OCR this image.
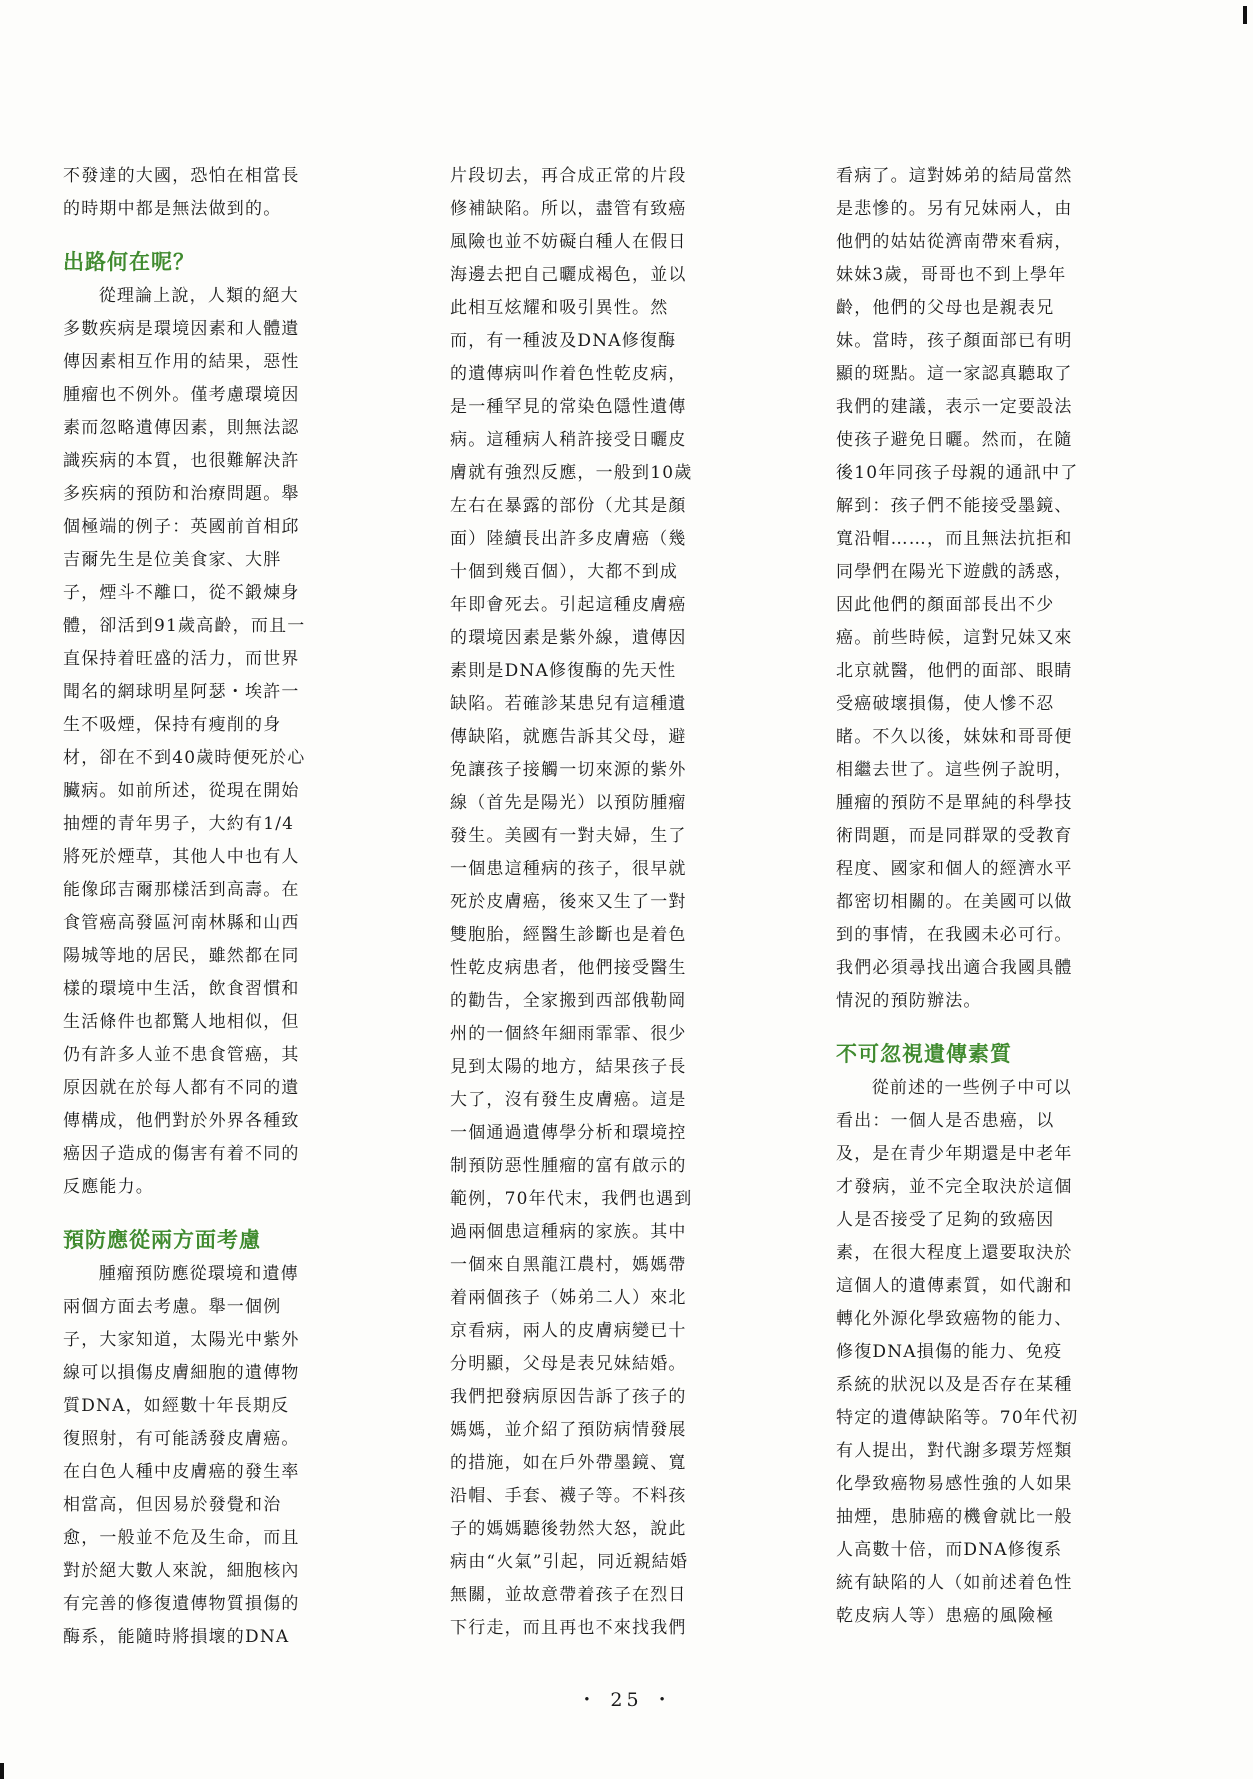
不發達的大國，恐怕在相當長

的時期中都是無法做到的。

出路何在呢？

從理論上說，人類的絕大

多數疾病是環境因素和人體遺

傳因素相互作用的結果，惡性

腫瘤也不例外。僅考慮環境因

素而忽略遺傳因素，則無法認

識疾病的本質，也很難解決許

多疾病的預防和治療問題。舉

個極端的例子：英國前首相邱

吉爾先生是位美食家、大胖

子，煙斗不離口，從不鍛煉身

體，卻活到91歲高齡，而且一

直保持着旺盛的活力，而世界

聞名的網球明星阿瑟・埃許一

生不吸煙，保持有瘦削的身

材，卻在不到40歲時便死於心

臟病。如前所述，從現在開始

抽煙的青年男子，大約有1/4

將死於煙草，其他人中也有人

能像邱吉爾那樣活到高壽。在

食管癌高發區河南林縣和山西

陽城等地的居民，雖然都在同

樣的環境中生活，飲食習慣和

生活條件也都驚人地相似，但

仍有許多人並不患食管癌，其

原因就在於每人都有不同的遺

傳構成，他們對於外界各種致

癌因子造成的傷害有着不同的

反應能力。

預防應從兩方面考慮

腫瘤預防應從環境和遺傳

兩個方面去考慮。舉一個例

子，大家知道，太陽光中紫外

線可以損傷皮膚細胞的遺傳物

質DNA，如經數十年長期反

復照射，有可能誘發皮膚癌。

在白色人種中皮膚癌的發生率

相當高，但因易於發覺和治

愈，一般並不危及生命，而且

對於絕大數人來說，細胞核內

有完善的修復遺傳物質損傷的

酶系，能隨時將損壞的DNA

片段切去，再合成正常的片段

修補缺陷。所以，盡管有致癌

風險也並不妨礙白種人在假日

海邊去把自己曬成褐色，並以

此相互炫耀和吸引異性。然

而，有一種波及DNA修復酶

的遺傳病叫作着色性乾皮病，

是一種罕見的常染色隱性遺傳

病。這種病人稍許接受日曬皮

膚就有強烈反應，一般到10歲

左右在暴露的部份（尤其是顏

面）陸續長出許多皮膚癌（幾

十個到幾百個），大都不到成

年即會死去。引起這種皮膚癌

的環境因素是紫外線，遺傳因

素則是DNA修復酶的先天性

缺陷。若確診某患兒有這種遺

傳缺陷，就應告訴其父母，避

免讓孩子接觸一切來源的紫外

線（首先是陽光）以預防腫瘤

發生。美國有一對夫婦，生了

一個患這種病的孩子，很早就

死於皮膚癌，後來又生了一對

雙胞胎，經醫生診斷也是着色

性乾皮病患者，他們接受醫生

的勸告，全家搬到西部俄勒岡

州的一個終年細雨霏霏、很少

見到太陽的地方，結果孩子長

大了，沒有發生皮膚癌。這是

一個通過遺傳學分析和環境控

制預防惡性腫瘤的富有啟示的

範例，70年代末，我們也遇到

過兩個患這種病的家族。其中

一個來自黑龍江農村，媽媽帶

着兩個孩子（姊弟二人）來北

京看病，兩人的皮膚病變已十

分明顯，父母是表兄妹結婚。

我們把發病原因告訴了孩子的

媽媽，並介紹了預防病情發展

的措施，如在戶外帶墨鏡、寬

沿帽、手套、襪子等。不料孩

子的媽媽聽後勃然大怒，說此

病由“火氣”引起，同近親結婚

無關，並故意帶着孩子在烈日

下行走，而且再也不來找我們

看病了。這對姊弟的結局當然

是悲慘的。另有兄妹兩人，由

他們的姑姑從濟南帶來看病，

妹妹3歲，哥哥也不到上學年

齡，他們的父母也是親表兄

妹。當時，孩子顏面部已有明

顯的斑點。這一家認真聽取了

我們的建議，表示一定要設法

使孩子避免日曬。然而，在隨

後10年同孩子母親的通訊中了

解到：孩子們不能接受墨鏡、

寬沿帽……，而且無法抗拒和

同學們在陽光下遊戲的誘惑，

因此他們的顏面部長出不少

癌。前些時候，這對兄妹又來

北京就醫，他們的面部、眼睛

受癌破壞損傷，使人慘不忍

睹。不久以後，妹妹和哥哥便

相繼去世了。這些例子說明，

腫瘤的預防不是單純的科學技

術問題，而是同群眾的受教育

程度、國家和個人的經濟水平

都密切相關的。在美國可以做

到的事情，在我國未必可行。

我們必須尋找出適合我國具體

情況的預防辦法。

不可忽視遺傳素質

從前述的一些例子中可以

看出：一個人是否患癌，以

及，是在青少年期還是中老年

才發病，並不完全取決於這個

人是否接受了足夠的致癌因

素，在很大程度上還要取決於

這個人的遺傳素質，如代謝和

轉化外源化學致癌物的能力、

修復DNA損傷的能力、免疫

系統的狀況以及是否存在某種

特定的遺傳缺陷等。70年代初

有人提出，對代謝多環芳烴類

化學致癌物易感性強的人如果

抽煙，患肺癌的機會就比一般

人高數十倍，而DNA修復系

統有缺陷的人（如前述着色性

乾皮病人等）患癌的風險極

・ 25 ・
